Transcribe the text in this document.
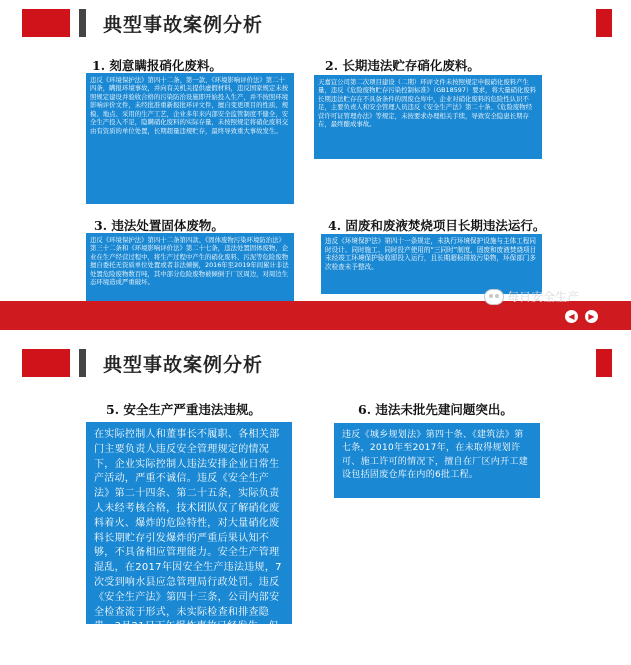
典型事故案例分析
1. 刻意瞒报硝化废料。
违反《环境保护法》第四十二条、第一款、《环境影响评价法》第二十四条，瞒报环境事故，并向有关机关提供虚假材料，违反国家规定未按照规定建设并验收合格的污染防治设施即开始投入生产，并不按照环境影响评价文件，未经批准重新报批环评文件，擅自变更项目的性质、规模、地点、采用的生产工艺，企业多年来内部安全监管制度不健全，安全生产投入不足，隐瞒硝化废料的实际存量，未按照规定将硝化废料交由有资质的单位处置，长期超量违规贮存，最终导致重大事故发生。
2. 长期违法贮存硝化废料。
天嘉宜公司第二次项目建设（二期）环评文件未按照规定申报硝化废料产生量，违反《危险废物贮存污染控制标准》（GB18597）要求，将大量硝化废料长期违法贮存在不具备条件的固废仓库中，企业对硝化废料的危险性认识不足，主要负责人和安全管理人员违反《安全生产法》第二十条、《危险废物经营许可证管理办法》等规定，未按要求办理相关手续，导致安全隐患长期存在，最终酿成事故。
3. 违法处置固体废物。
违反《环境保护法》第四十二条第四款、《固体废物污染环境防治法》第三十二条和《环境影响评价法》第二十七条，违法处置固体废物，企业在生产经营过程中，将生产过程中产生的硝化废料、污泥等危险废物擅自委托无资质单位处置或者非法倾倒，2016年至2019年间累计非法处置危险废物数百吨，其中部分危险废物被倾倒于厂区周边，对周边生态环境造成严重破坏。
4. 固废和废液焚烧项目长期违法运行。
违反《环境保护法》第四十一条规定，未执行环境保护设施与主体工程同时设计、同时施工、同时投产使用的“三同时”制度，固废和废液焚烧项目未经竣工环境保护验收即投入运行，且长期超标排放污染物，环保部门多次检查未予整改。
每日安全生产
◀	▶
典型事故案例分析
5. 安全生产严重违法违规。
在实际控制人和董事长不履职、各相关部门主要负责人违反安全管理规定的情况下，企业实际控制人违法安排企业日常生产活动，严重不诚信。违反《安全生产法》第二十四条、第二十五条，实际负责人未经考核合格，技术团队仅了解硝化废料着火、爆炸的危险特性，对大量硝化废料长期贮存引发爆炸的严重后果认知不够，不具备相应管理能力。安全生产管理混乱，在2017年因安全生产违法违规，7次受到响水县应急管理局行政处罚。违反《安全生产法》第四十三条，公司内部安全检查流于形式，未实际检查和排查隐患，3月21日下午爆炸事故已经发生，但重大危险源日常检查表中显示为当日7时20分检查结果为正常。
6. 违法未批先建问题突出。
违反《城乡规划法》第四十条、《建筑法》第七条，2010年至2017年，在未取得规划许可、施工许可的情况下，擅自在厂区内开工建设包括固废仓库在内的6批工程。
